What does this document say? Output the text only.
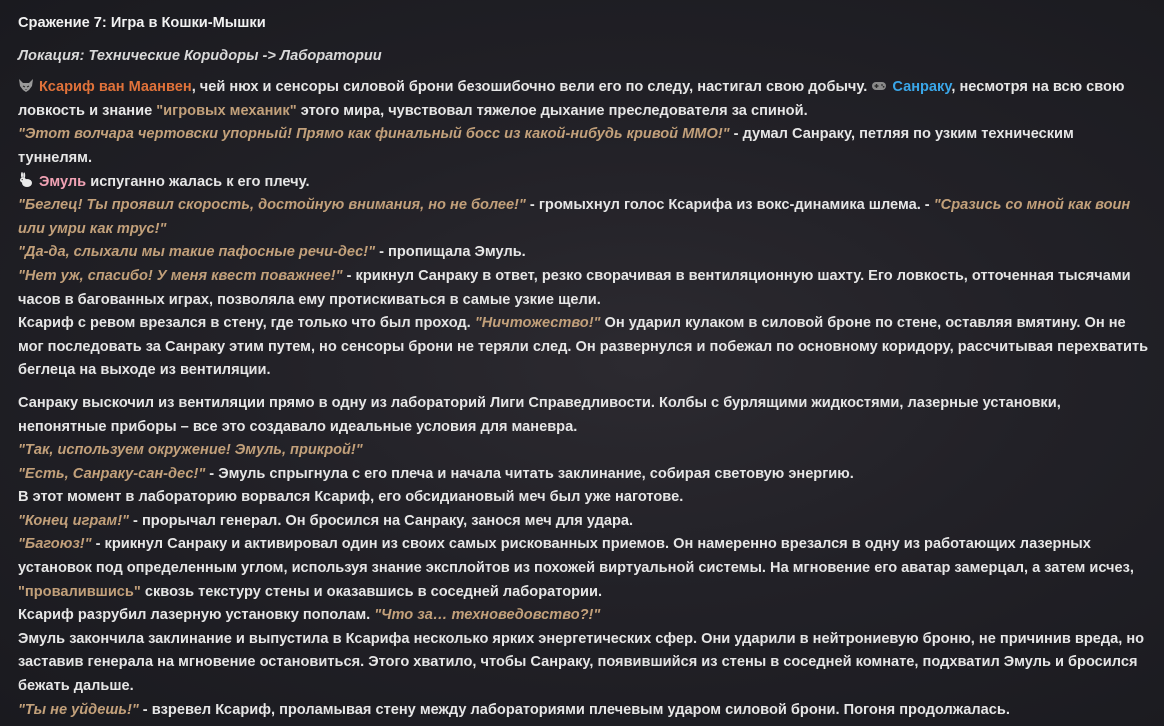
Сражение 7: Игра в Кошки-Мышки
Локация: Технические Коридоры -> Лаборатории

Ксариф ван Маанвен, чей нюх и сенсоры силовой брони безошибочно вели его по следу, настигал свою добычу. Санраку, несмотря на всю свою ловкость и знание "игровых механик" этого мира, чувствовал тяжелое дыхание преследователя за спиной.

"Этот волчара чертовски упорный! Прямо как финальный босс из какой-нибудь кривой ММО!" - думал Санраку, петляя по узким техническим туннелям.

Эмуль испуганно жалась к его плечу.

"Беглец! Ты проявил скорость, достойную внимания, но не более!" - громыхнул голос Ксарифа из вокс-динамика шлема. - "Сразись со мной как воин или умри как трус!"

"Да-да, слыхали мы такие пафосные речи-дес!" - пропищала Эмуль.

"Нет уж, спасибо! У меня квест поважнее!" - крикнул Санраку в ответ, резко сворачивая в вентиляционную шахту. Его ловкость, отточенная тысячами часов в багованных играх, позволяла ему протискиваться в самые узкие щели.

Ксариф с ревом врезался в стену, где только что был проход. "Ничтожество!" Он ударил кулаком в силовой броне по стене, оставляя вмятину. Он не мог последовать за Санраку этим путем, но сенсоры брони не теряли след. Он развернулся и побежал по основному коридору, рассчитывая перехватить беглеца на выходе из вентиляции.

Санраку выскочил из вентиляции прямо в одну из лабораторий Лиги Справедливости. Колбы с бурлящими жидкостями, лазерные установки, непонятные приборы – все это создавало идеальные условия для маневра.

"Так, используем окружение! Эмуль, прикрой!"

"Есть, Санраку-сан-дес!" - Эмуль спрыгнула с его плеча и начала читать заклинание, собирая световую энергию.

В этот момент в лабораторию ворвался Ксариф, его обсидиановый меч был уже наготове.

"Конец играм!" - прорычал генерал. Он бросился на Санраку, занося меч для удара.

"Багоюз!" - крикнул Санраку и активировал один из своих самых рискованных приемов. Он намеренно врезался в одну из работающих лазерных установок под определенным углом, используя знание эксплойтов из похожей виртуальной системы. На мгновение его аватар замерцал, а затем исчез, "провалившись" сквозь текстуру стены и оказавшись в соседней лаборатории.

Ксариф разрубил лазерную установку пополам. "Что за… техноведовство?!"

Эмуль закончила заклинание и выпустила в Ксарифа несколько ярких энергетических сфер. Они ударили в нейтрониевую броню, не причинив вреда, но заставив генерала на мгновение остановиться. Этого хватило, чтобы Санраку, появившийся из стены в соседней комнате, подхватил Эмуль и бросился бежать дальше.

"Ты не уйдешь!" - взревел Ксариф, проламывая стену между лабораториями плечевым ударом силовой брони. Погоня продолжалась.
